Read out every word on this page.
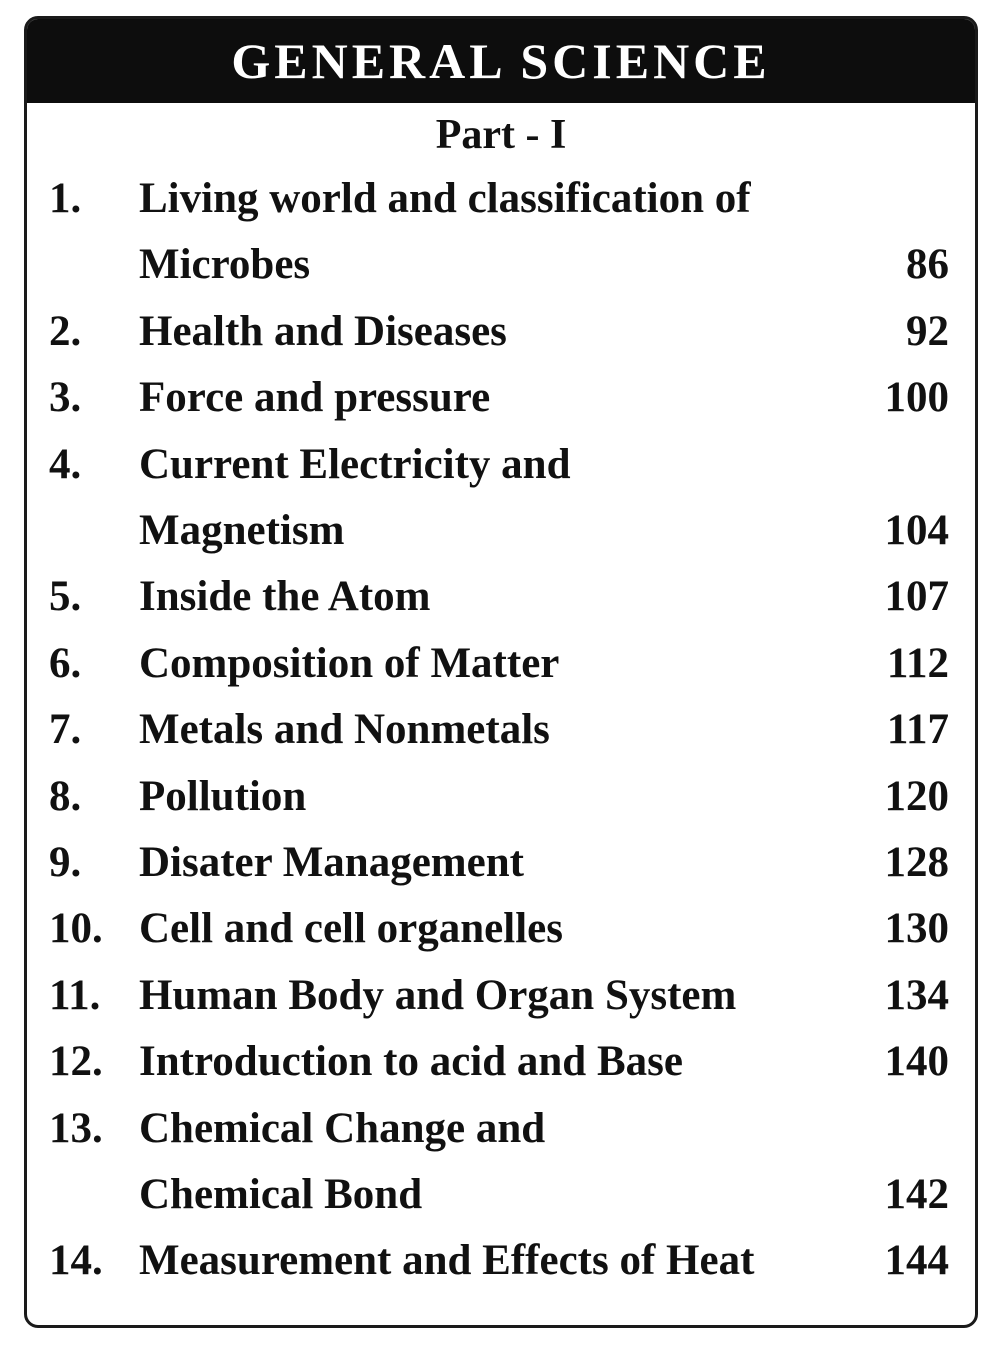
GENERAL SCIENCE
Part - I
1. Living world and classification of
Microbes	86
2. Health and Diseases	92
3. Force and pressure	100
4. Current Electricity and
Magnetism	104
5. Inside the Atom	107
6. Composition of Matter	112
7. Metals and Nonmetals	117
8. Pollution	120
9. Disater Management	128
10. Cell and cell organelles	130
11. Human Body and Organ System	134
12. Introduction to acid and Base	140
13. Chemical Change and
Chemical Bond	142
14. Measurement and Effects of Heat	144
